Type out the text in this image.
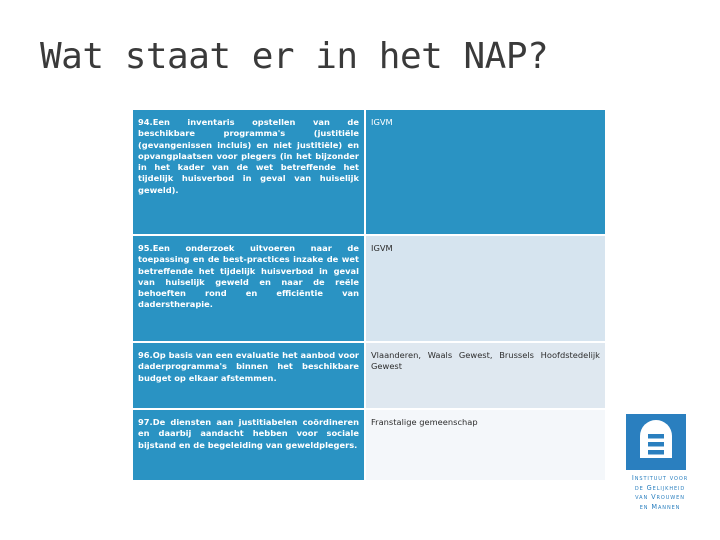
Wat staat er in het NAP?
94.Een inventaris opstellen van de beschikbare programma's (justitiële (gevangenissen incluis) en niet justitiële) en opvangplaatsen voor plegers (in het bijzonder in het kader van de wet betreffende het tijdelijk huisverbod in geval van huiselijk geweld).	IGVM

95.Een onderzoek uitvoeren naar de toepassing en de best-practices inzake de wet betreffende het tijdelijk huisverbod in geval van huiselijk geweld en naar de reële behoeften rond en efficiëntie van daderstherapie.	IGVM

96.Op basis van een evaluatie het aanbod voor daderprogramma's binnen het beschikbare budget op elkaar afstemmen.	Vlaanderen, Waals Gewest, Brussels Hoofdstedelijk Gewest

97.De diensten aan justitiabelen coördineren en daarbij aandacht hebben voor sociale bijstand en de begeleiding van geweldplegers.	Franstalige gemeenschap
Instituut voor
de Gelijkheid
van Vrouwen
en Mannen
